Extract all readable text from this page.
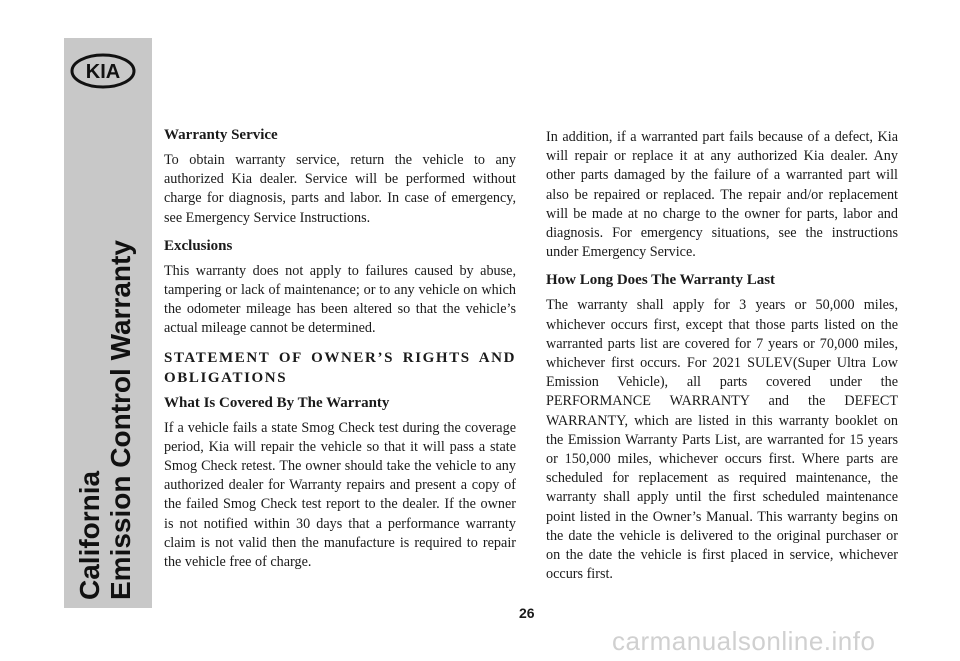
KIA
California Emission Control Warranty
Warranty Service

To obtain warranty service, return the vehicle to any authorized Kia dealer. Service will be performed without charge for diagnosis, parts and labor. In case of emergency, see Emergency Service Instructions.

Exclusions

This warranty does not apply to failures caused by abuse, tampering or lack of maintenance; or to any vehicle on which the odometer mileage has been altered so that the vehicle’s actual mileage cannot be determined.

STATEMENT OF OWNER’S RIGHTS AND OBLIGATIONS
What Is Covered By The Warranty

If a vehicle fails a state Smog Check test during the coverage period, Kia will repair the vehicle so that it will pass a state Smog Check retest. The owner should take the vehicle to any authorized dealer for Warranty repairs and present a copy of the failed Smog Check test report to the dealer. If the owner is not notified within 30 days that a performance warranty claim is not valid then the manufacture is required to repair the vehicle free of charge.

In addition, if a warranted part fails because of a defect, Kia will repair or replace it at any authorized Kia dealer. Any other parts damaged by the failure of a warranted part will also be repaired or replaced. The repair and/or replacement will be made at no charge to the owner for parts, labor and diagnosis. For emergency situations, see the instructions under Emergency Service.

How Long Does The Warranty Last

The warranty shall apply for 3 years or 50,000 miles, whichever occurs first, except that those parts listed on the warranted parts list are covered for 7 years or 70,000 miles, whichever first occurs. For 2021 SULEV(Super Ultra Low Emission Vehicle), all parts covered under the PERFORMANCE WARRANTY and the DEFECT WARRANTY, which are listed in this warranty booklet on the Emission Warranty Parts List, are warranted for 15 years or 150,000 miles, whichever occurs first. Where parts are scheduled for replacement as required maintenance, the warranty shall apply until the first scheduled maintenance point listed in the Owner’s Manual. This warranty begins on the date the vehicle is delivered to the original purchaser or on the date the vehicle is first placed in service, whichever occurs first.

26
carmanualsonline.info
